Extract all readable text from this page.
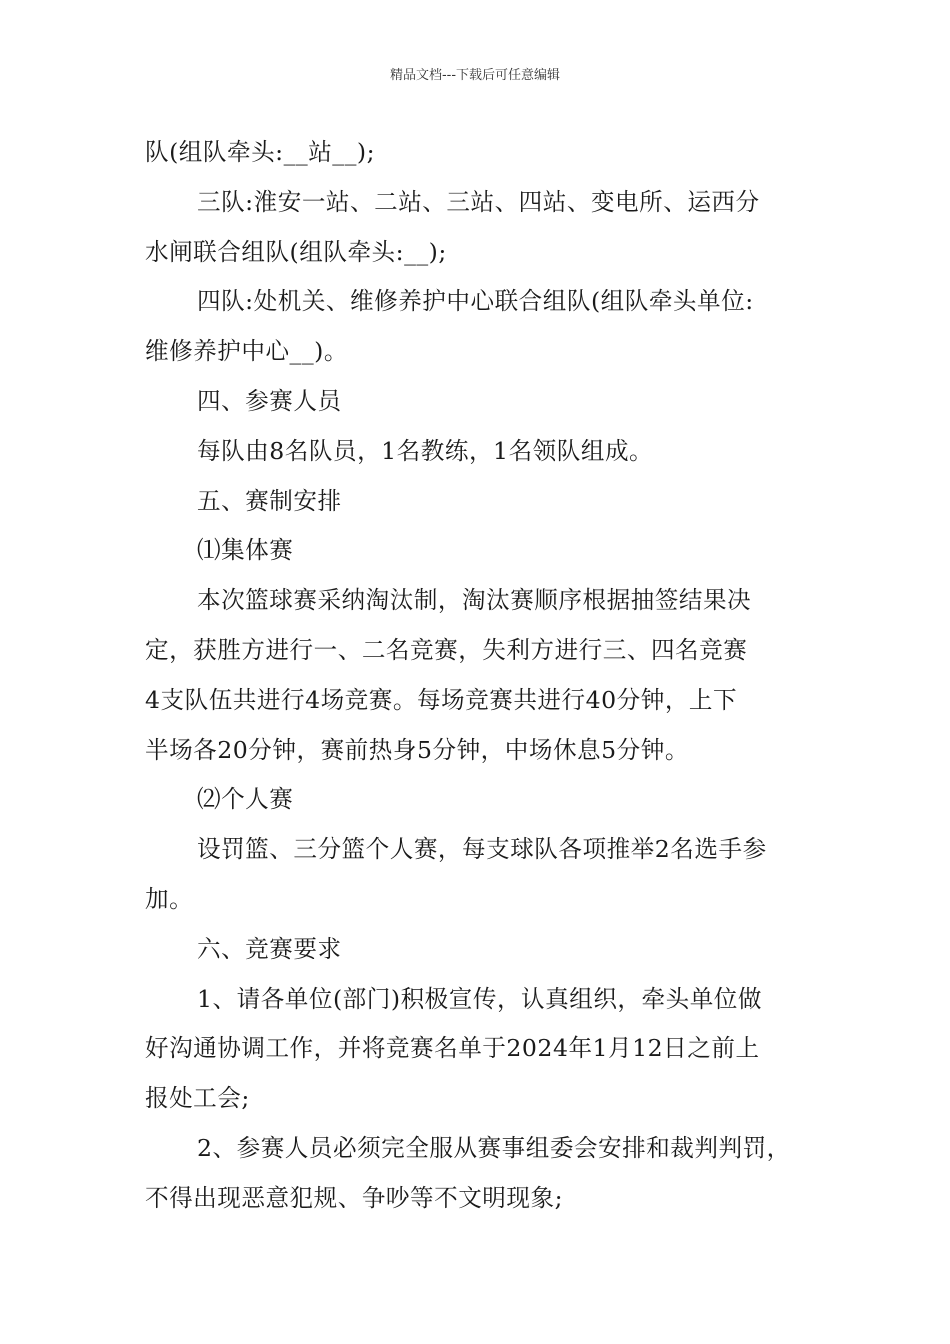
精品文档---下载后可任意编辑
队(组队牵头:__站__);
三队:淮安一站、二站、三站、四站、变电所、运西分
水闸联合组队(组队牵头:__);
四队:处机关、维修养护中心联合组队(组队牵头单位:
维修养护中心__)。
四、参赛人员
每队由8名队员，1名教练，1名领队组成。
五、赛制安排
⑴集体赛
本次篮球赛采纳淘汰制，淘汰赛顺序根据抽签结果决
定，获胜方进行一、二名竞赛，失利方进行三、四名竞赛
4支队伍共进行4场竞赛。每场竞赛共进行40分钟，上下
半场各20分钟，赛前热身5分钟，中场休息5分钟。
⑵个人赛
设罚篮、三分篮个人赛，每支球队各项推举2名选手参
加。
六、竞赛要求
1、请各单位(部门)积极宣传，认真组织，牵头单位做
好沟通协调工作，并将竞赛名单于2024年1月12日之前上
报处工会;
2、参赛人员必须完全服从赛事组委会安排和裁判判罚，
不得出现恶意犯规、争吵等不文明现象;
